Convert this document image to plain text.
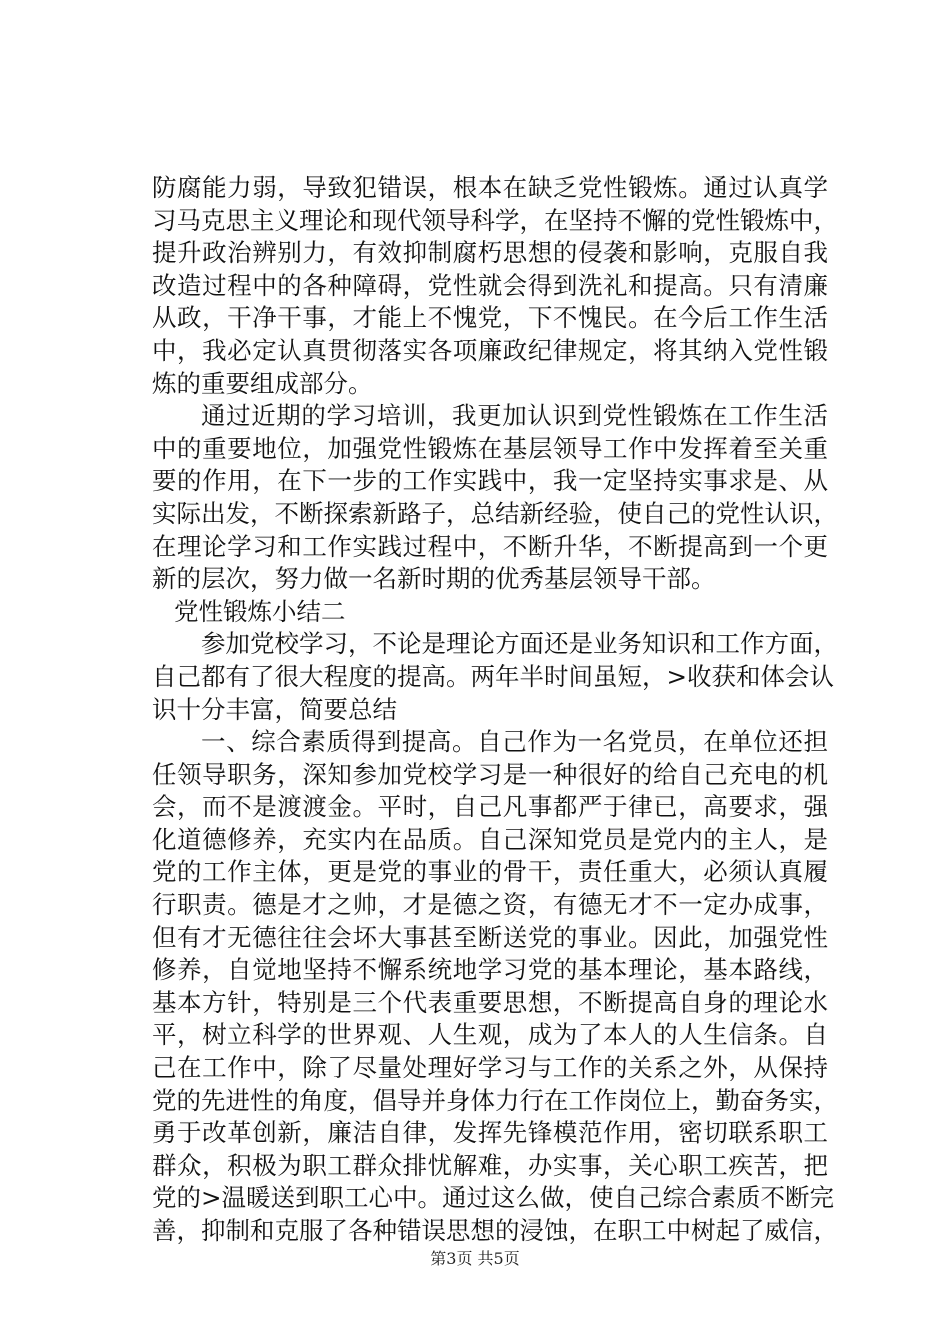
防腐能力弱，导致犯错误，根本在缺乏党性锻炼。通过认真学
习马克思主义理论和现代领导科学，在坚持不懈的党性锻炼中，
提升政治辨别力，有效抑制腐朽思想的侵袭和影响，克服自我
改造过程中的各种障碍，党性就会得到洗礼和提高。只有清廉
从政，干净干事，才能上不愧党，下不愧民。在今后工作生活
中，我必定认真贯彻落实各项廉政纪律规定，将其纳入党性锻
炼的重要组成部分。
通过近期的学习培训，我更加认识到党性锻炼在工作生活
中的重要地位，加强党性锻炼在基层领导工作中发挥着至关重
要的作用，在下一步的工作实践中，我一定坚持实事求是、从
实际出发，不断探索新路子，总结新经验，使自己的党性认识，
在理论学习和工作实践过程中，不断升华，不断提高到一个更
新的层次，努力做一名新时期的优秀基层领导干部。
党性锻炼小结二
参加党校学习，不论是理论方面还是业务知识和工作方面，
自己都有了很大程度的提高。两年半时间虽短，>收获和体会认
识十分丰富，简要总结
一、综合素质得到提高。自己作为一名党员，在单位还担
任领导职务，深知参加党校学习是一种很好的给自己充电的机
会，而不是渡渡金。平时，自己凡事都严于律已，高要求，强
化道德修养，充实内在品质。自己深知党员是党内的主人，是
党的工作主体，更是党的事业的骨干，责任重大，必须认真履
行职责。德是才之帅，才是德之资，有德无才不一定办成事，
但有才无德往往会坏大事甚至断送党的事业。因此，加强党性
修养，自觉地坚持不懈系统地学习党的基本理论，基本路线，
基本方针，特别是三个代表重要思想，不断提高自身的理论水
平，树立科学的世界观、人生观，成为了本人的人生信条。自
己在工作中，除了尽量处理好学习与工作的关系之外，从保持
党的先进性的角度，倡导并身体力行在工作岗位上，勤奋务实，
勇于改革创新，廉洁自律，发挥先锋模范作用，密切联系职工
群众，积极为职工群众排忧解难，办实事，关心职工疾苦，把
党的>温暖送到职工心中。通过这么做，使自己综合素质不断完
善，抑制和克服了各种错误思想的浸蚀，在职工中树起了威信，
第3页 共5页
